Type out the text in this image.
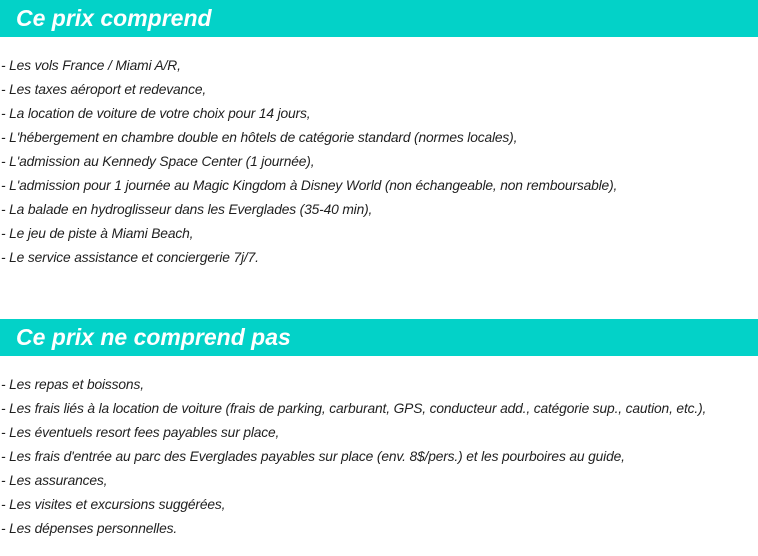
Ce prix comprend
- Les vols France / Miami A/R,
- Les taxes aéroport et redevance,
- La location de voiture de votre choix pour 14 jours,
- L'hébergement en chambre double en hôtels de catégorie standard (normes locales),
- L'admission au Kennedy Space Center (1 journée),
- L'admission pour 1 journée au Magic Kingdom à Disney World (non échangeable, non remboursable),
- La balade en hydroglisseur dans les Everglades (35-40 min),
- Le jeu de piste à Miami Beach,
- Le service assistance et conciergerie 7j/7.
Ce prix ne comprend pas
- Les repas et boissons,
- Les frais liés à la location de voiture (frais de parking, carburant, GPS, conducteur add., catégorie sup., caution, etc.),
- Les éventuels resort fees payables sur place,
- Les frais d'entrée au parc des Everglades payables sur place (env. 8$/pers.) et les pourboires au guide,
- Les assurances,
- Les visites et excursions suggérées,
- Les dépenses personnelles.
